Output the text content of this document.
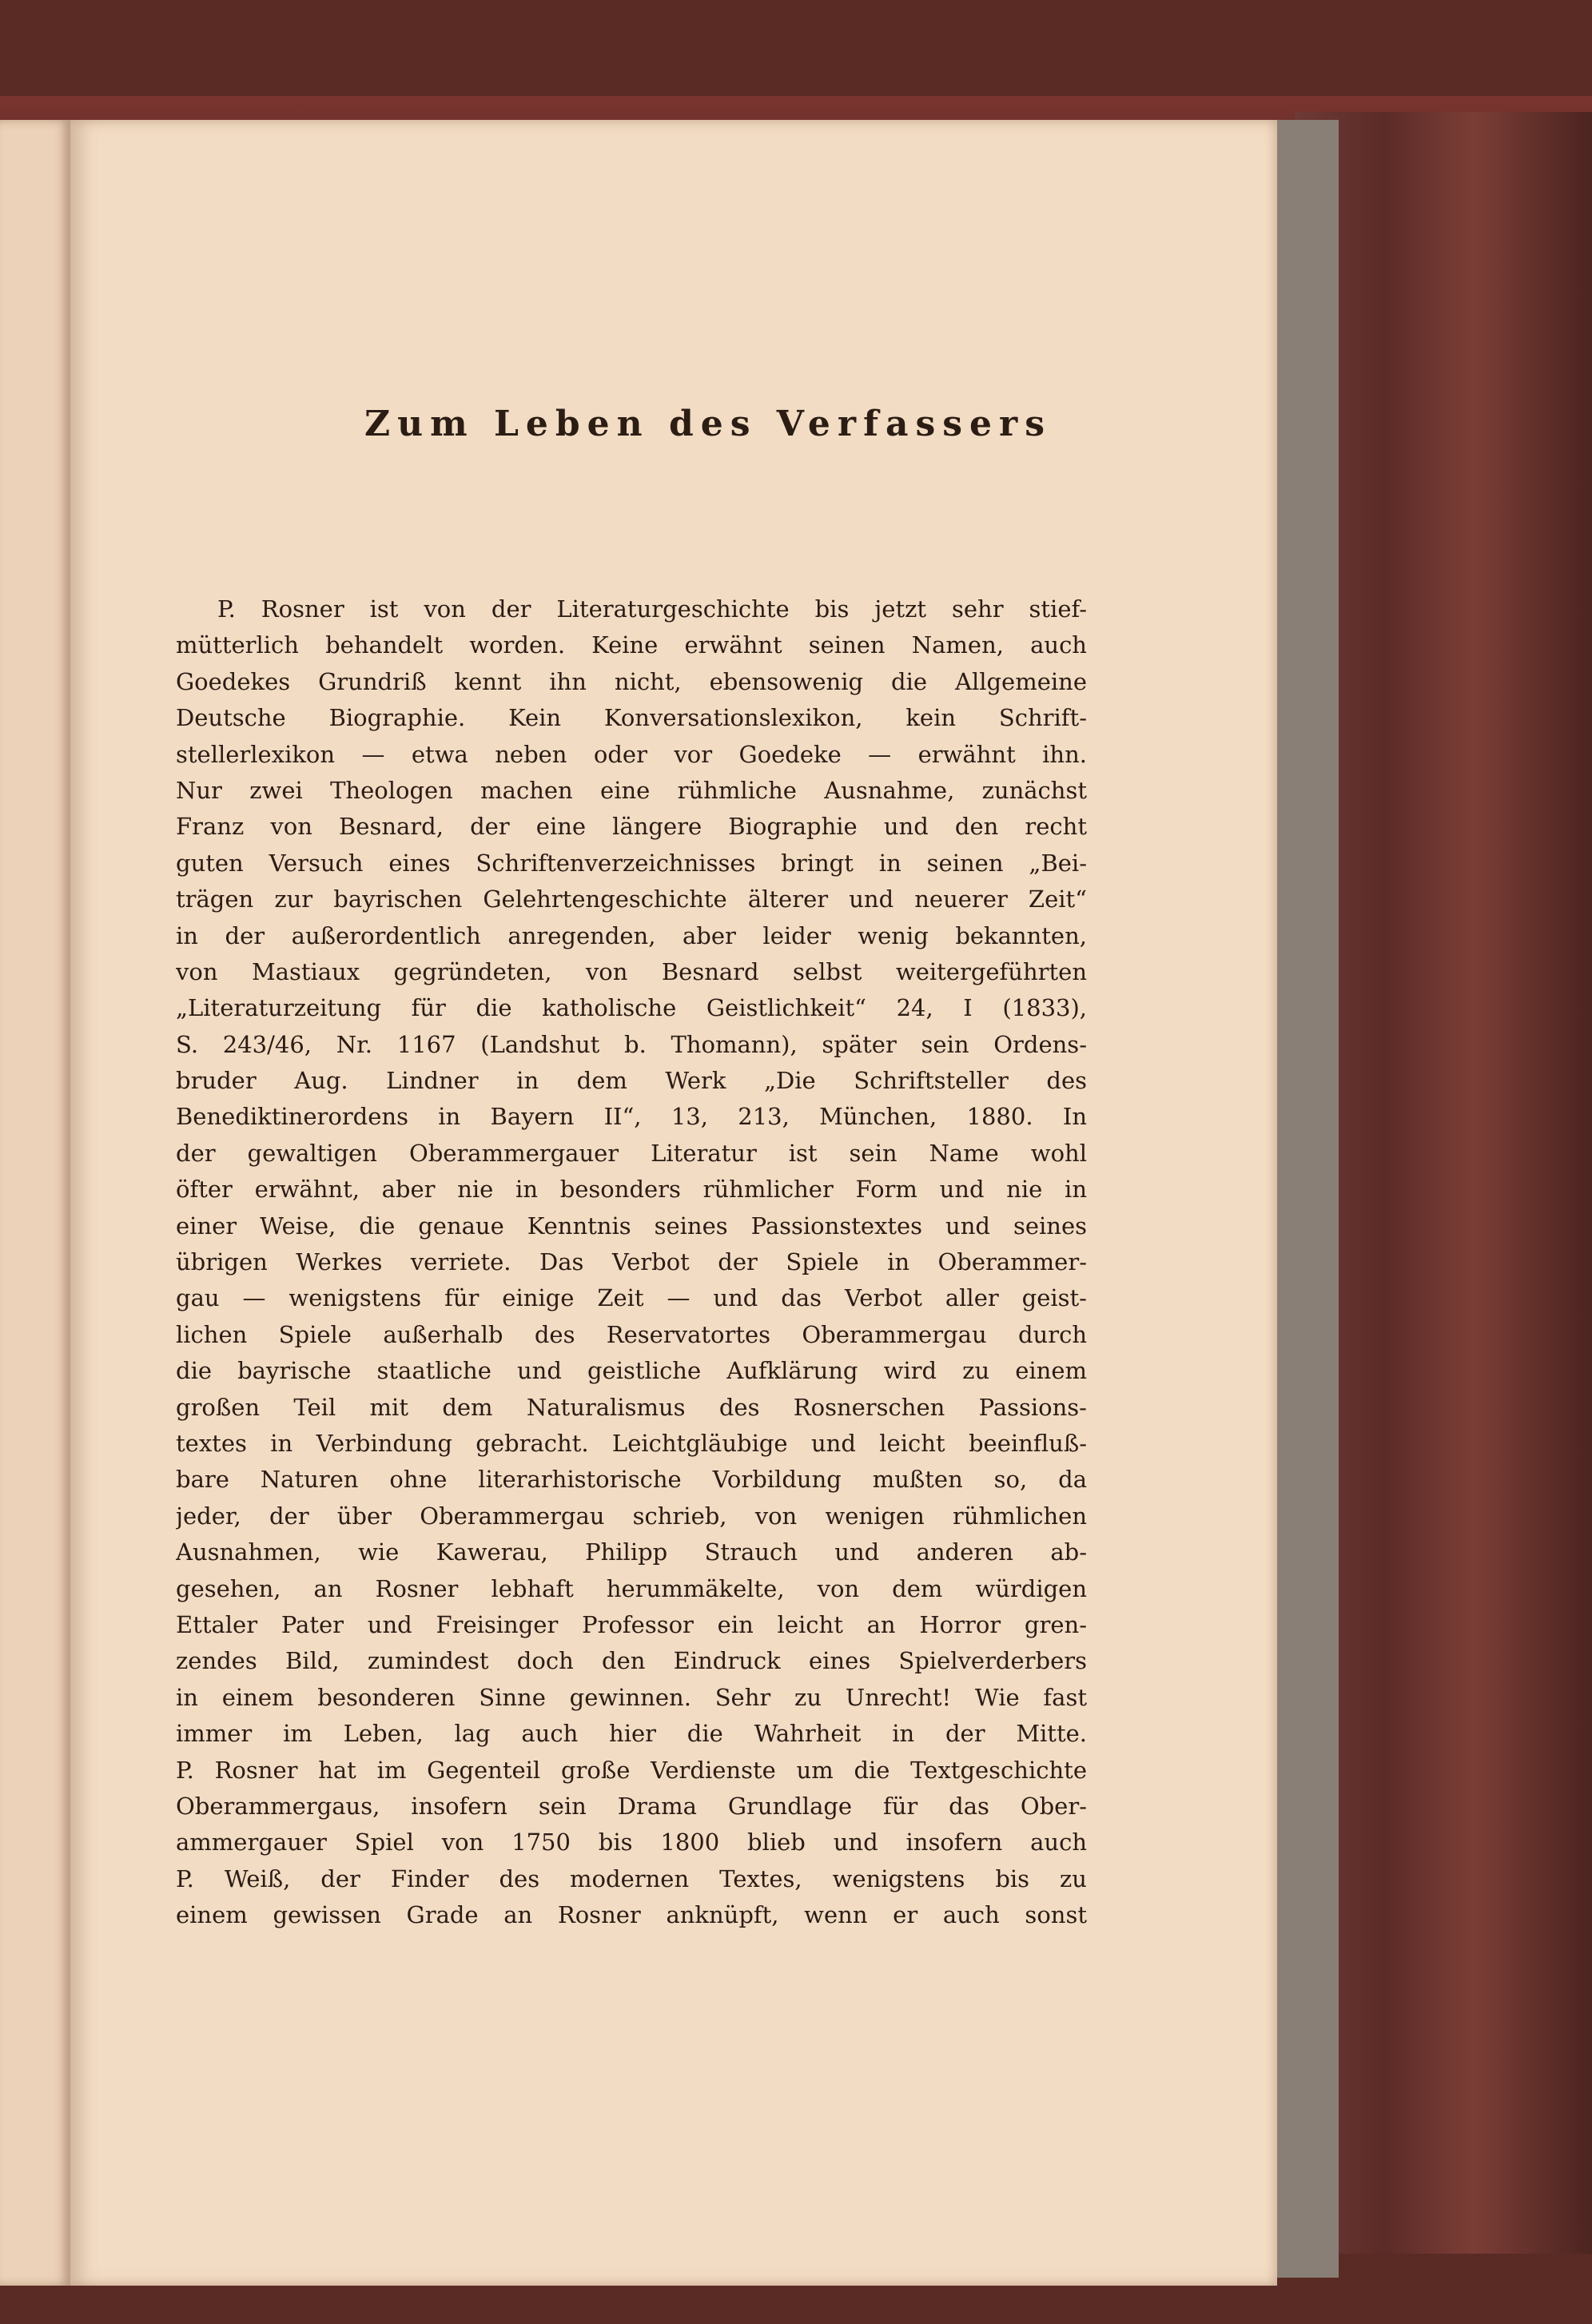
Zum Leben des Verfassers
P. Rosner ist von der Literaturgeschichte bis jetzt sehr stief-
mütterlich behandelt worden. Keine erwähnt seinen Namen, auch
Goedekes Grundriß kennt ihn nicht, ebensowenig die Allgemeine
Deutsche Biographie. Kein Konversationslexikon, kein Schrift-
stellerlexikon — etwa neben oder vor Goedeke — erwähnt ihn.
Nur zwei Theologen machen eine rühmliche Ausnahme, zunächst
Franz von Besnard, der eine längere Biographie und den recht
guten Versuch eines Schriftenverzeichnisses bringt in seinen „Bei-
trägen zur bayrischen Gelehrtengeschichte älterer und neuerer Zeit“
in der außerordentlich anregenden, aber leider wenig bekannten,
von Mastiaux gegründeten, von Besnard selbst weitergeführten
„Literaturzeitung für die katholische Geistlichkeit“ 24, I (1833),
S. 243/46, Nr. 1167 (Landshut b. Thomann), später sein Ordens-
bruder Aug. Lindner in dem Werk „Die Schriftsteller des
Benediktinerordens in Bayern II“, 13, 213, München, 1880. In
der gewaltigen Oberammergauer Literatur ist sein Name wohl
öfter erwähnt, aber nie in besonders rühmlicher Form und nie in
einer Weise, die genaue Kenntnis seines Passionstextes und seines
übrigen Werkes verriete. Das Verbot der Spiele in Oberammer-
gau — wenigstens für einige Zeit — und das Verbot aller geist-
lichen Spiele außerhalb des Reservatortes Oberammergau durch
die bayrische staatliche und geistliche Aufklärung wird zu einem
großen Teil mit dem Naturalismus des Rosnerschen Passions-
textes in Verbindung gebracht. Leichtgläubige und leicht beeinfluß-
bare Naturen ohne literarhistorische Vorbildung mußten so, da
jeder, der über Oberammergau schrieb, von wenigen rühmlichen
Ausnahmen, wie Kawerau, Philipp Strauch und anderen ab-
gesehen, an Rosner lebhaft herummäkelte, von dem würdigen
Ettaler Pater und Freisinger Professor ein leicht an Horror gren-
zendes Bild, zumindest doch den Eindruck eines Spielverderbers
in einem besonderen Sinne gewinnen. Sehr zu Unrecht! Wie fast
immer im Leben, lag auch hier die Wahrheit in der Mitte.
P. Rosner hat im Gegenteil große Verdienste um die Textgeschichte
Oberammergaus, insofern sein Drama Grundlage für das Ober-
ammergauer Spiel von 1750 bis 1800 blieb und insofern auch
P. Weiß, der Finder des modernen Textes, wenigstens bis zu
einem gewissen Grade an Rosner anknüpft, wenn er auch sonst
